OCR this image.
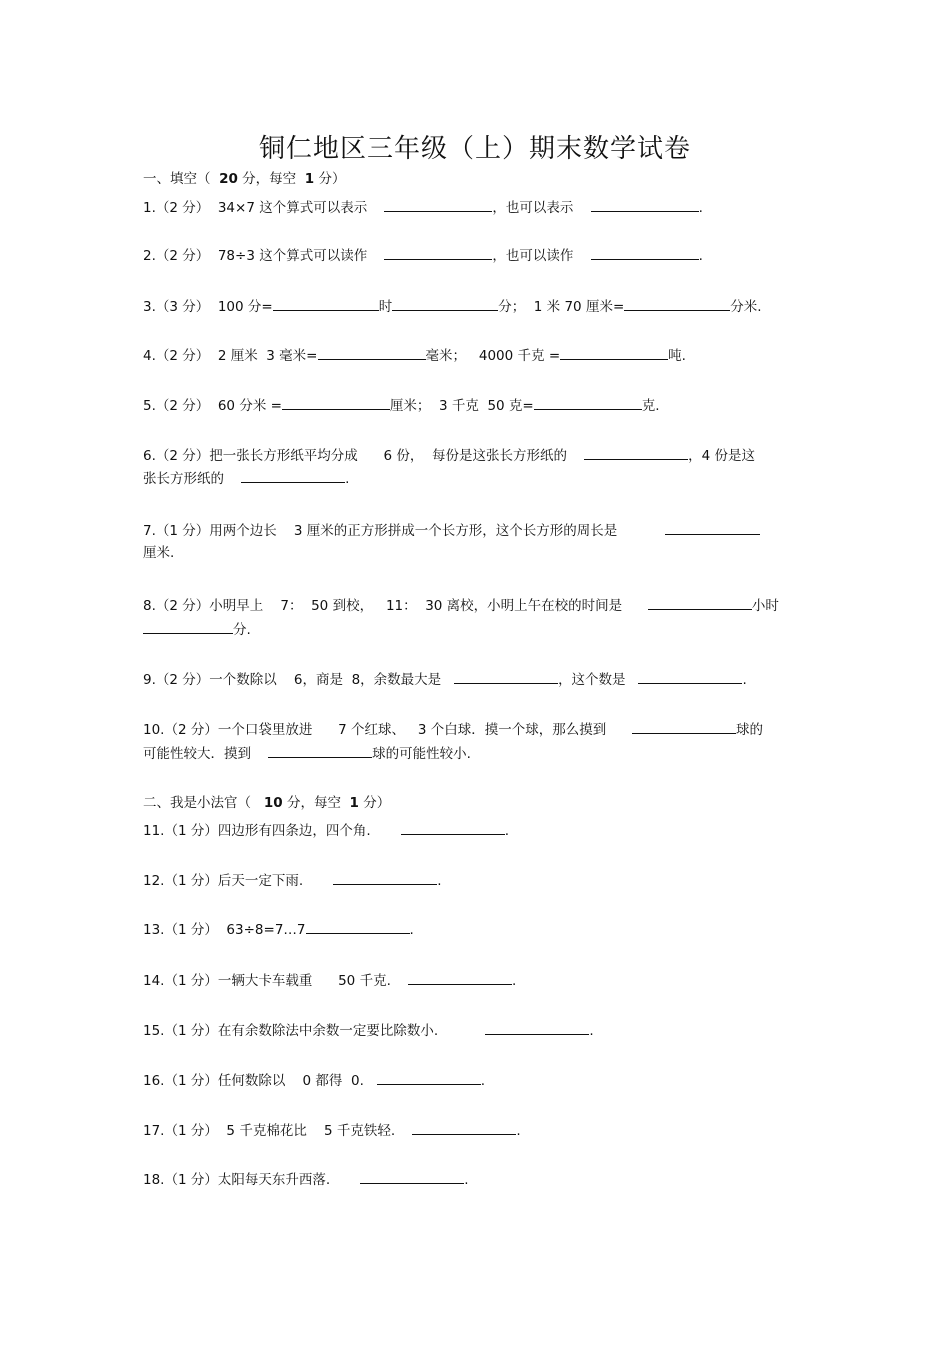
铜仁地区三年级（上）期末数学试卷
一、填空（  20 分，每空  1 分）
1.（2 分）  34×7 这个算式可以表示	，也可以表示	.
2.（2 分）  78÷3 这个算式可以读作	，也可以读作	.
3.（3 分）  100 分=	时	分；  1 米 70 厘米=	分米.
4.（2 分）  2 厘米  3 毫米=	毫米；   4000 千克 =	吨.
5.（2 分）  60 分米 =	厘米；  3 千克  50 克=	克.
6.（2 分）把一张长方形纸平均分成      6 份，  每份是这张长方形纸的	，4 份是这
张长方形纸的	.
7.（1 分）用两个边长    3 厘米的正方形拼成一个长方形，这个长方形的周长是
厘米.
8.（2 分）小明早上    7：  50 到校，   11：  30 离校，小明上午在校的时间是	小时
分.
9.（2 分）一个数除以    6，商是  8，余数最大是	，这个数是	.
10.（2 分）一个口袋里放进      7 个红球、   3 个白球．摸一个球，那么摸到	球的
可能性较大．摸到	球的可能性较小.
二、我是小法官（   10 分，每空  1 分）
11.（1 分）四边形有四条边，四个角.	.
12.（1 分）后天一定下雨.	.
13.（1 分）  63÷8=7…7	.
14.（1 分）一辆大卡车载重      50 千克.	.
15.（1 分）在有余数除法中余数一定要比除数小.	.
16.（1 分）任何数除以    0 都得  0.	.
17.（1 分）  5 千克棉花比    5 千克铁轻.	.
18.（1 分）太阳每天东升西落.	.
